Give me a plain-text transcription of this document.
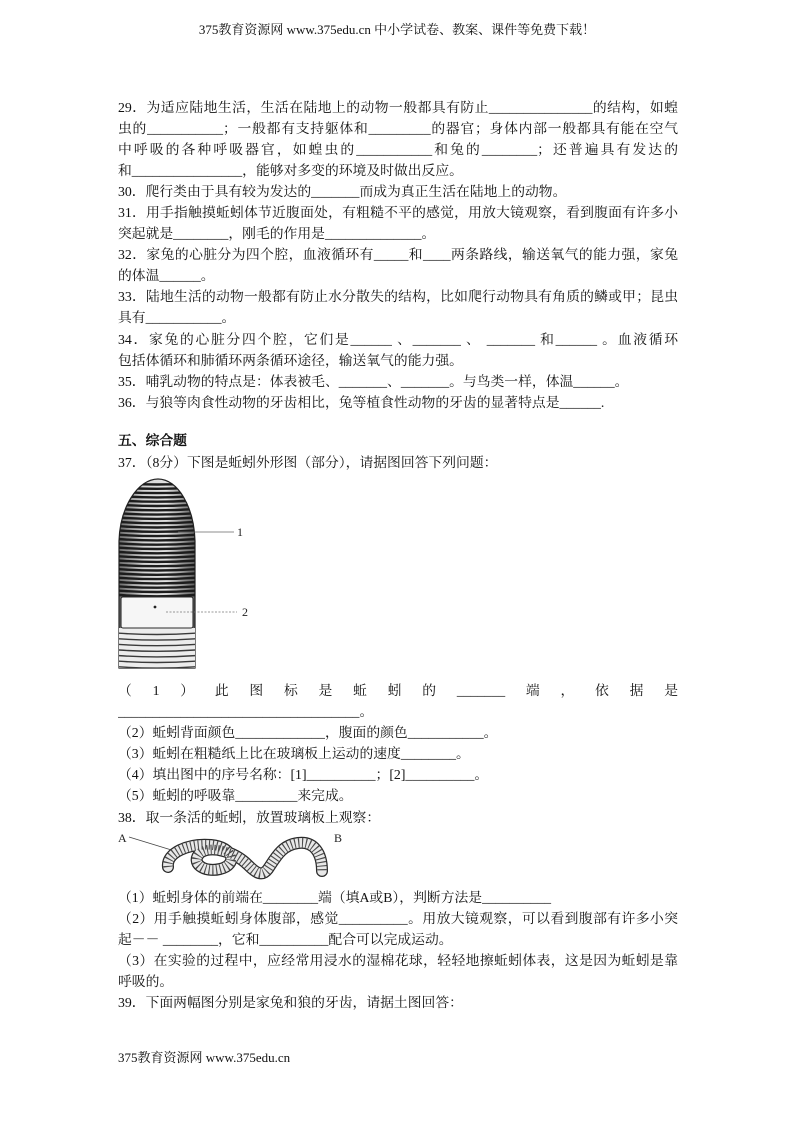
375教育资源网 www.375edu.cn 中小学试卷、教案、课件等免费下载！
29．为适应陆地生活，生活在陆地上的动物一般都具有防止_______________的结构，如蝗
虫的___________；一般都有支持躯体和_________的器官；身体内部一般都具有能在空气
中呼吸的各种呼吸器官，如蝗虫的___________和兔的________；还普遍具有发达的
和________________，能够对多变的环境及时做出反应。
30．爬行类由于具有较为发达的_______而成为真正生活在陆地上的动物。
31．用手指触摸蚯蚓体节近腹面处，有粗糙不平的感觉，用放大镜观察，看到腹面有许多小
突起就是________，刚毛的作用是______________。
32．家兔的心脏分为四个腔，血液循环有_____和____两条路线，输送氧气的能力强，家兔
的体温______。
33．陆地生活的动物一般都有防止水分散失的结构，比如爬行动物具有角质的鳞或甲；昆虫
具有___________。
34．家兔的心脏分四个腔，它们是______ 、_______ 、 _______ 和______ 。血液循环
包括体循环和肺循环两条循环途径，输送氧气的能力强。
35．哺乳动物的特点是：体表被毛、_______、_______。与鸟类一样，体温______。
36．与狼等肉食性动物的牙齿相比，兔等植食性动物的牙齿的显著特点是______.
五、综合题
37．（8分）下图是蚯蚓外形图（部分），请据图回答下列问题：
1
2
（1）此图标是蚯蚓的_______端，依据是
___________________________________。
（2）蚯蚓背面颜色_____________，腹面的颜色___________。
（3）蚯蚓在粗糙纸上比在玻璃板上运动的速度________。
（4）填出图中的序号名称：[1]__________；[2]__________。
（5）蚯蚓的呼吸靠_________来完成。
38．取一条活的蚯蚓，放置玻璃板上观察：
A	B
（1）蚯蚓身体的前端在________端（填A或B），判断方法是__________
（2）用手触摸蚯蚓身体腹部，感觉__________。用放大镜观察，可以看到腹部有许多小突
起－－ ________，它和__________配合可以完成运动。
（3）在实验的过程中，应经常用浸水的湿棉花球，轻轻地擦蚯蚓体表，这是因为蚯蚓是靠
呼吸的。
39．下面两幅图分别是家兔和狼的牙齿，请据土图回答：
375教育资源网 www.375edu.cn
